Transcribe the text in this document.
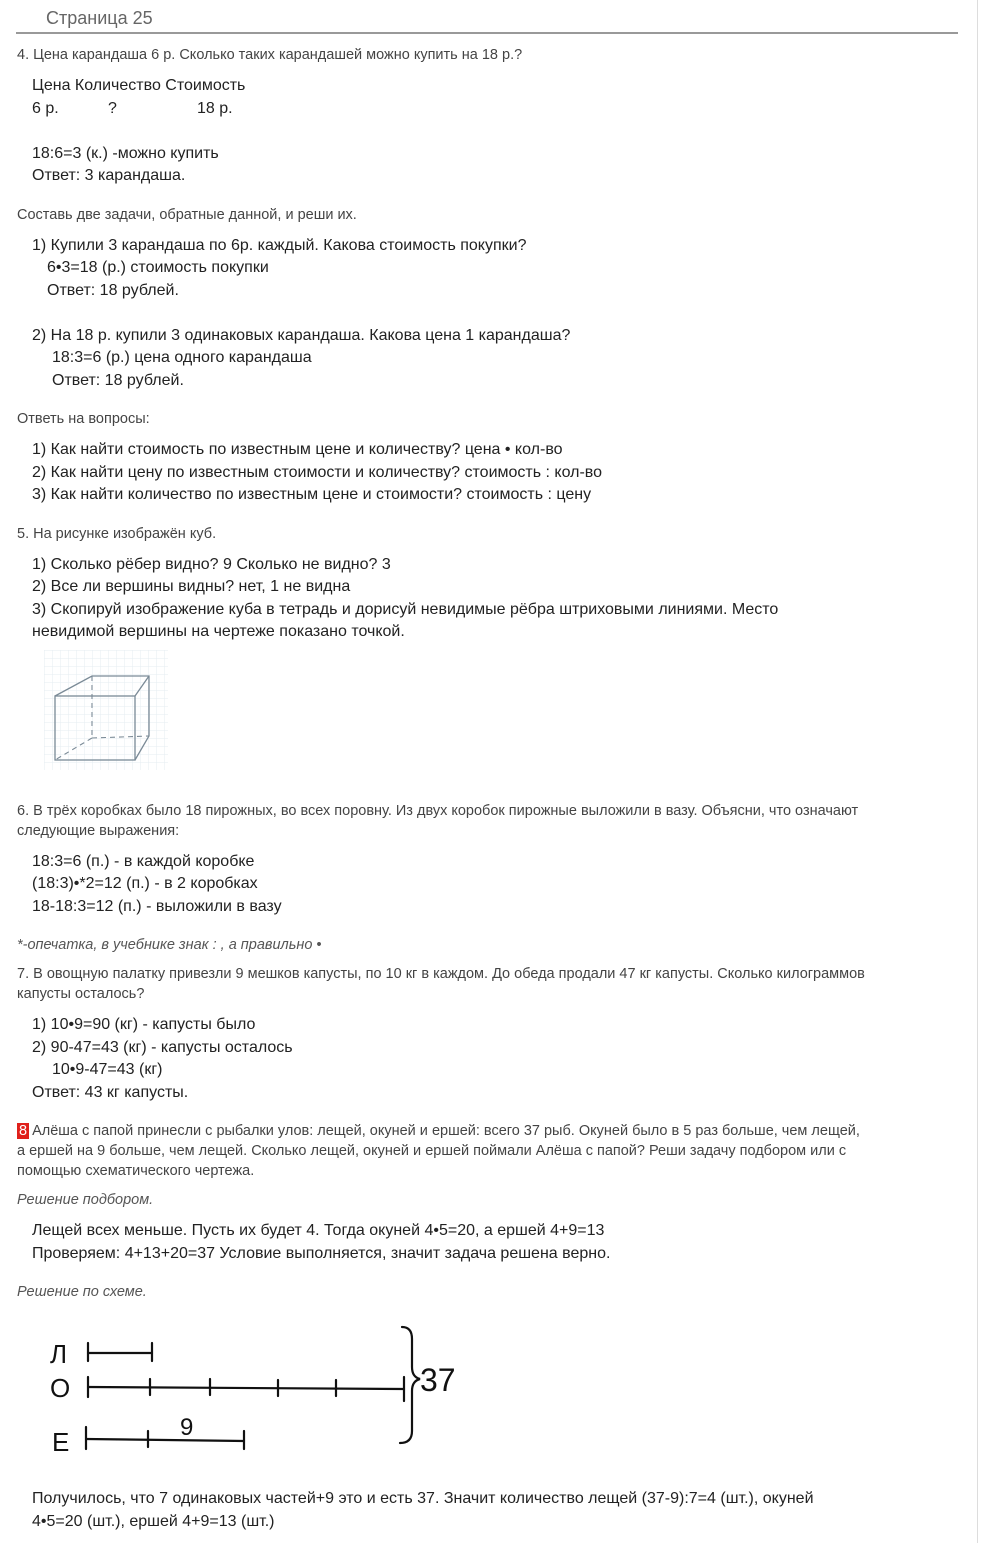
Страница 25
4. Цена карандаша 6 р. Сколько таких карандашей можно купить на 18 р.?
Цена Количество Стоимость
6 р.	?	18 р.
18:6=3 (к.) -можно купить
Ответ: 3 карандаша.
Составь две задачи, обратные данной, и реши их.
1) Купили 3 карандаша по 6р. каждый. Какова стоимость покупки?
6•3=18 (р.) стоимость покупки
Ответ: 18 рублей.
2) На 18 р. купили 3 одинаковых карандаша. Какова цена 1 карандаша?
18:3=6 (р.) цена одного карандаша
Ответ: 18 рублей.
Ответь на вопросы:
1) Как найти стоимость по известным цене и количеству? цена • кол-во
2) Как найти цену по известным стоимости и количеству? стоимость : кол-во
3) Как найти количество по известным цене и стоимости? стоимость : цену
5. На рисунке изображён куб.
1) Сколько рёбер видно? 9 Сколько не видно? 3
2) Все ли вершины видны? нет, 1 не видна
3) Скопируй изображение куба в тетрадь и дорисуй невидимые рёбра штриховыми линиями. Место
невидимой вершины на чертеже показано точкой.
6. В трёх коробках было 18 пирожных, во всех поровну. Из двух коробок пирожные выложили в вазу. Объясни, что означают
следующие выражения:
18:3=6 (п.) - в каждой коробке
(18:3)•*2=12 (п.) - в 2 коробках
18-18:3=12 (п.) - выложили в вазу
*-опечатка, в учебнике знак : , а правильно •
7. В овощную палатку привезли 9 мешков капусты, по 10 кг в каждом. До обеда продали 47 кг капусты. Сколько килограммов
капусты осталось?
1) 10•9=90 (кг) - капусты было
2) 90-47=43 (кг) - капусты осталось
10•9-47=43 (кг)
Ответ: 43 кг капусты.
8 Алёша с папой принесли с рыбалки улов: лещей, окуней и ершей: всего 37 рыб. Окуней было в 5 раз больше, чем лещей,
а ершей на 9 больше, чем лещей. Сколько лещей, окуней и ершей поймали Алёша с папой? Реши задачу подбором или с
помощью схематического чертежа.
Решение подбором.
Лещей всех меньше. Пусть их будет 4. Тогда окуней 4•5=20, а ершей 4+9=13
Проверяем: 4+13+20=37 Условие выполняется, значит задача решена верно.
Решение по схеме.
Л
О
Е	9
37
Получилось, что 7 одинаковых частей+9 это и есть 37. Значит количество лещей (37-9):7=4 (шт.), окуней
4•5=20 (шт.), ершей 4+9=13 (шт.)
